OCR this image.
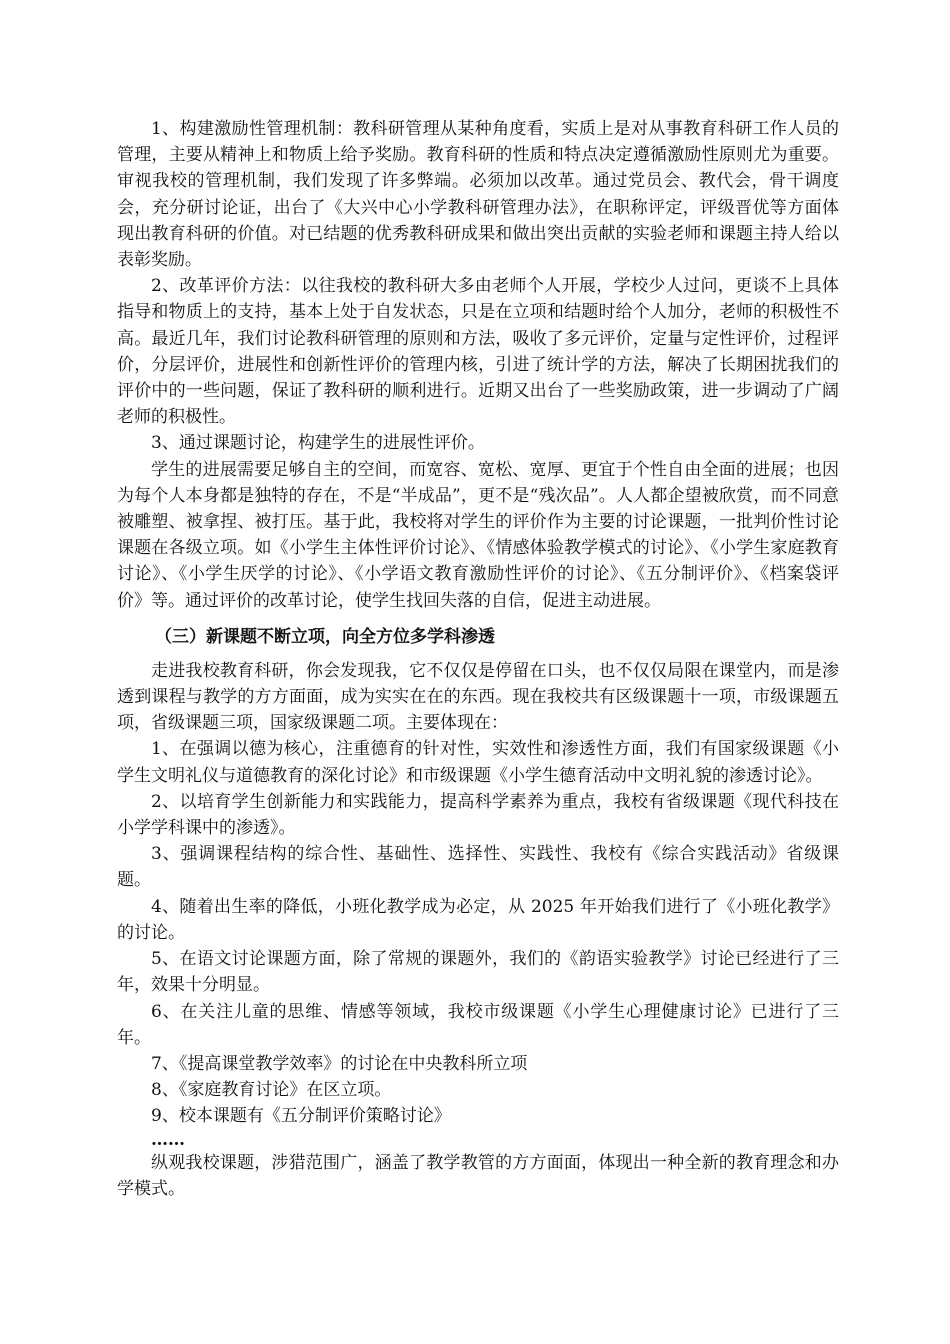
1、构建激励性管理机制：教科研管理从某种角度看，实质上是对从事教育科研工作人员的管理，主要从精神上和物质上给予奖励。教育科研的性质和特点决定遵循激励性原则尤为重要。审视我校的管理机制，我们发现了许多弊端。必须加以改革。通过党员会、教代会，骨干调度会，充分研讨论证，出台了《大兴中心小学教科研管理办法》，在职称评定，评级晋优等方面体现出教育科研的价值。对已结题的优秀教科研成果和做出突出贡献的实验老师和课题主持人给以表彰奖励。

2、改革评价方法：以往我校的教科研大多由老师个人开展，学校少人过问，更谈不上具体指导和物质上的支持，基本上处于自发状态，只是在立项和结题时给个人加分，老师的积极性不高。最近几年，我们讨论教科研管理的原则和方法，吸收了多元评价，定量与定性评价，过程评价，分层评价，进展性和创新性评价的管理内核，引进了统计学的方法，解决了长期困扰我们的评价中的一些问题，保证了教科研的顺利进行。近期又出台了一些奖励政策，进一步调动了广阔老师的积极性。

3、通过课题讨论，构建学生的进展性评价。

学生的进展需要足够自主的空间，而宽容、宽松、宽厚、更宜于个性自由全面的进展；也因为每个人本身都是独特的存在，不是“半成品”，更不是“残次品”。人人都企望被欣赏，而不同意被雕塑、被拿捏、被打压。基于此，我校将对学生的评价作为主要的讨论课题，一批判价性讨论课题在各级立项。如《小学生主体性评价讨论》、《情感体验教学模式的讨论》、《小学生家庭教育讨论》、《小学生厌学的讨论》、《小学语文教育激励性评价的讨论》、《五分制评价》、《档案袋评价》等。通过评价的改革讨论，使学生找回失落的自信，促进主动进展。

（三）新课题不断立项，向全方位多学科渗透

走进我校教育科研，你会发现我，它不仅仅是停留在口头，也不仅仅局限在课堂内，而是渗透到课程与教学的方方面面，成为实实在在的东西。现在我校共有区级课题十一项，市级课题五项，省级课题三项，国家级课题二项。主要体现在：

1、在强调以德为核心，注重德育的针对性，实效性和渗透性方面，我们有国家级课题《小学生文明礼仪与道德教育的深化讨论》和市级课题《小学生德育活动中文明礼貌的渗透讨论》。

2、以培育学生创新能力和实践能力，提高科学素养为重点，我校有省级课题《现代科技在小学学科课中的渗透》。

3、强调课程结构的综合性、基础性、选择性、实践性、我校有《综合实践活动》省级课题。

4、随着出生率的降低，小班化教学成为必定，从 2025 年开始我们进行了《小班化教学》的讨论。

5、在语文讨论课题方面，除了常规的课题外，我们的《韵语实验教学》讨论已经进行了三年，效果十分明显。

6、在关注儿童的思维、情感等领域，我校市级课题《小学生心理健康讨论》已进行了三年。

7、《提高课堂教学效率》的讨论在中央教科所立项

8、《家庭教育讨论》在区立项。

9、校本课题有《五分制评价策略讨论》

……

纵观我校课题，涉猎范围广，涵盖了教学教管的方方面面，体现出一种全新的教育理念和办学模式。
